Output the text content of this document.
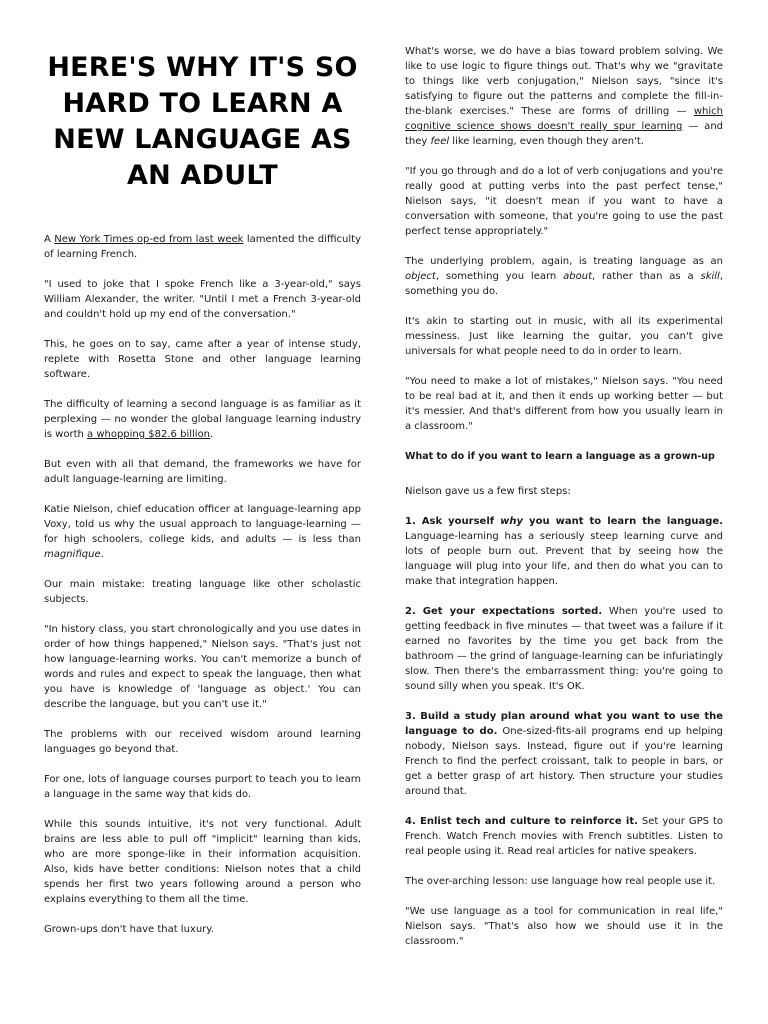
HERE'S WHY IT'S SO HARD TO LEARN A NEW LANGUAGE AS AN ADULT

A New York Times op-ed from last week lamented the difficulty of learning French.

"I used to joke that I spoke French like a 3-year-old," says William Alexander, the writer. "Until I met a French 3-year-old and couldn't hold up my end of the conversation."

This, he goes on to say, came after a year of intense study, replete with Rosetta Stone and other language learning software.

The difficulty of learning a second language is as familiar as it perplexing — no wonder the global language learning industry is worth a whopping $82.6 billion.

But even with all that demand, the frameworks we have for adult language-learning are limiting.

Katie Nielson, chief education officer at language-learning app Voxy, told us why the usual approach to language-learning — for high schoolers, college kids, and adults — is less than magnifique.

Our main mistake: treating language like other scholastic subjects.

"In history class, you start chronologically and you use dates in order of how things happened," Nielson says. "That's just not how language-learning works. You can't memorize a bunch of words and rules and expect to speak the language, then what you have is knowledge of 'language as object.' You can describe the language, but you can't use it."

The problems with our received wisdom around learning languages go beyond that.

For one, lots of language courses purport to teach you to learn a language in the same way that kids do.

While this sounds intuitive, it's not very functional. Adult brains are less able to pull off "implicit" learning than kids, who are more sponge-like in their information acquisition. Also, kids have better conditions: Nielson notes that a child spends her first two years following around a person who explains everything to them all the time.

Grown-ups don't have that luxury.

What's worse, we do have a bias toward problem solving. We like to use logic to figure things out. That's why we "gravitate to things like verb conjugation," Nielson says, "since it's satisfying to figure out the patterns and complete the fill-in-the-blank exercises." These are forms of drilling — which cognitive science shows doesn't really spur learning — and they feel like learning, even though they aren't.

"If you go through and do a lot of verb conjugations and you're really good at putting verbs into the past perfect tense," Nielson says, "it doesn't mean if you want to have a conversation with someone, that you're going to use the past perfect tense appropriately."

The underlying problem, again, is treating language as an object, something you learn about, rather than as a skill, something you do.

It's akin to starting out in music, with all its experimental messiness. Just like learning the guitar, you can't give universals for what people need to do in order to learn.

"You need to make a lot of mistakes," Nielson says. "You need to be real bad at it, and then it ends up working better — but it's messier. And that's different from how you usually learn in a classroom."

What to do if you want to learn a language as a grown-up

Nielson gave us a few first steps:

1. Ask yourself why you want to learn the language. Language-learning has a seriously steep learning curve and lots of people burn out. Prevent that by seeing how the language will plug into your life, and then do what you can to make that integration happen.

2. Get your expectations sorted. When you're used to getting feedback in five minutes — that tweet was a failure if it earned no favorites by the time you get back from the bathroom — the grind of language-learning can be infuriatingly slow. Then there's the embarrassment thing: you're going to sound silly when you speak. It's OK.

3. Build a study plan around what you want to use the language to do. One-sized-fits-all programs end up helping nobody, Nielson says. Instead, figure out if you're learning French to find the perfect croissant, talk to people in bars, or get a better grasp of art history. Then structure your studies around that.

4. Enlist tech and culture to reinforce it. Set your GPS to French. Watch French movies with French subtitles. Listen to real people using it. Read real articles for native speakers.

The over-arching lesson: use language how real people use it.

"We use language as a tool for communication in real life," Nielson says. "That's also how we should use it in the classroom."
